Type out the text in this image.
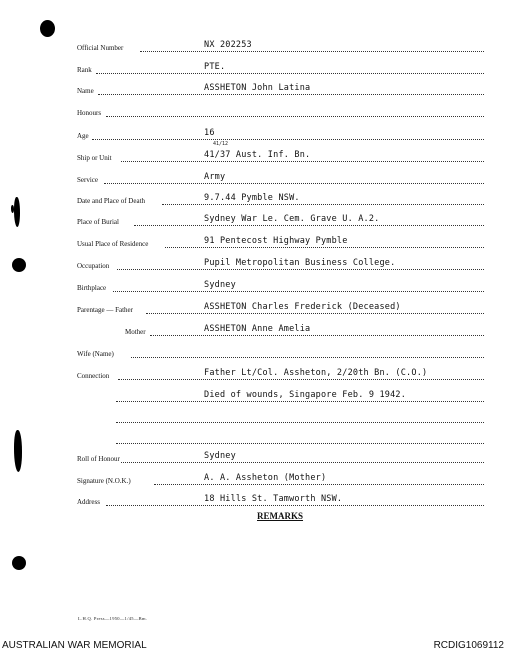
Official Number	NX 202253
Rank	PTE.
Name	ASSHETON John Latina
Honours
Age	16
Ship or Unit	41/37 Aust. Inf. Bn.
41/12
Service	Army
Date and Place of Death	9.7.44 Pymble NSW.
Place of Burial	Sydney War Le. Cem. Grave U. A.2.
Usual Place of Residence	91 Pentecost Highway Pymble
Occupation	Pupil Metropolitan Business College.
Birthplace	Sydney
Parentage — Father	ASSHETON Charles Frederick (Deceased)
Mother	ASSHETON Anne Amelia
Wife (Name)
Connection	Father Lt/Col. Assheton, 2/20th Bn. (C.O.)
Died of wounds, Singapore Feb. 9 1942.
Roll of Honour	Sydney
Signature (N.O.K.)	A. A. Assheton (Mother)
Address	18 Hills St. Tamworth NSW.
REMARKS
L.H.Q. Press—1950—1/45—Bm.
AUSTRALIAN WAR MEMORIAL	RCDIG1069112
